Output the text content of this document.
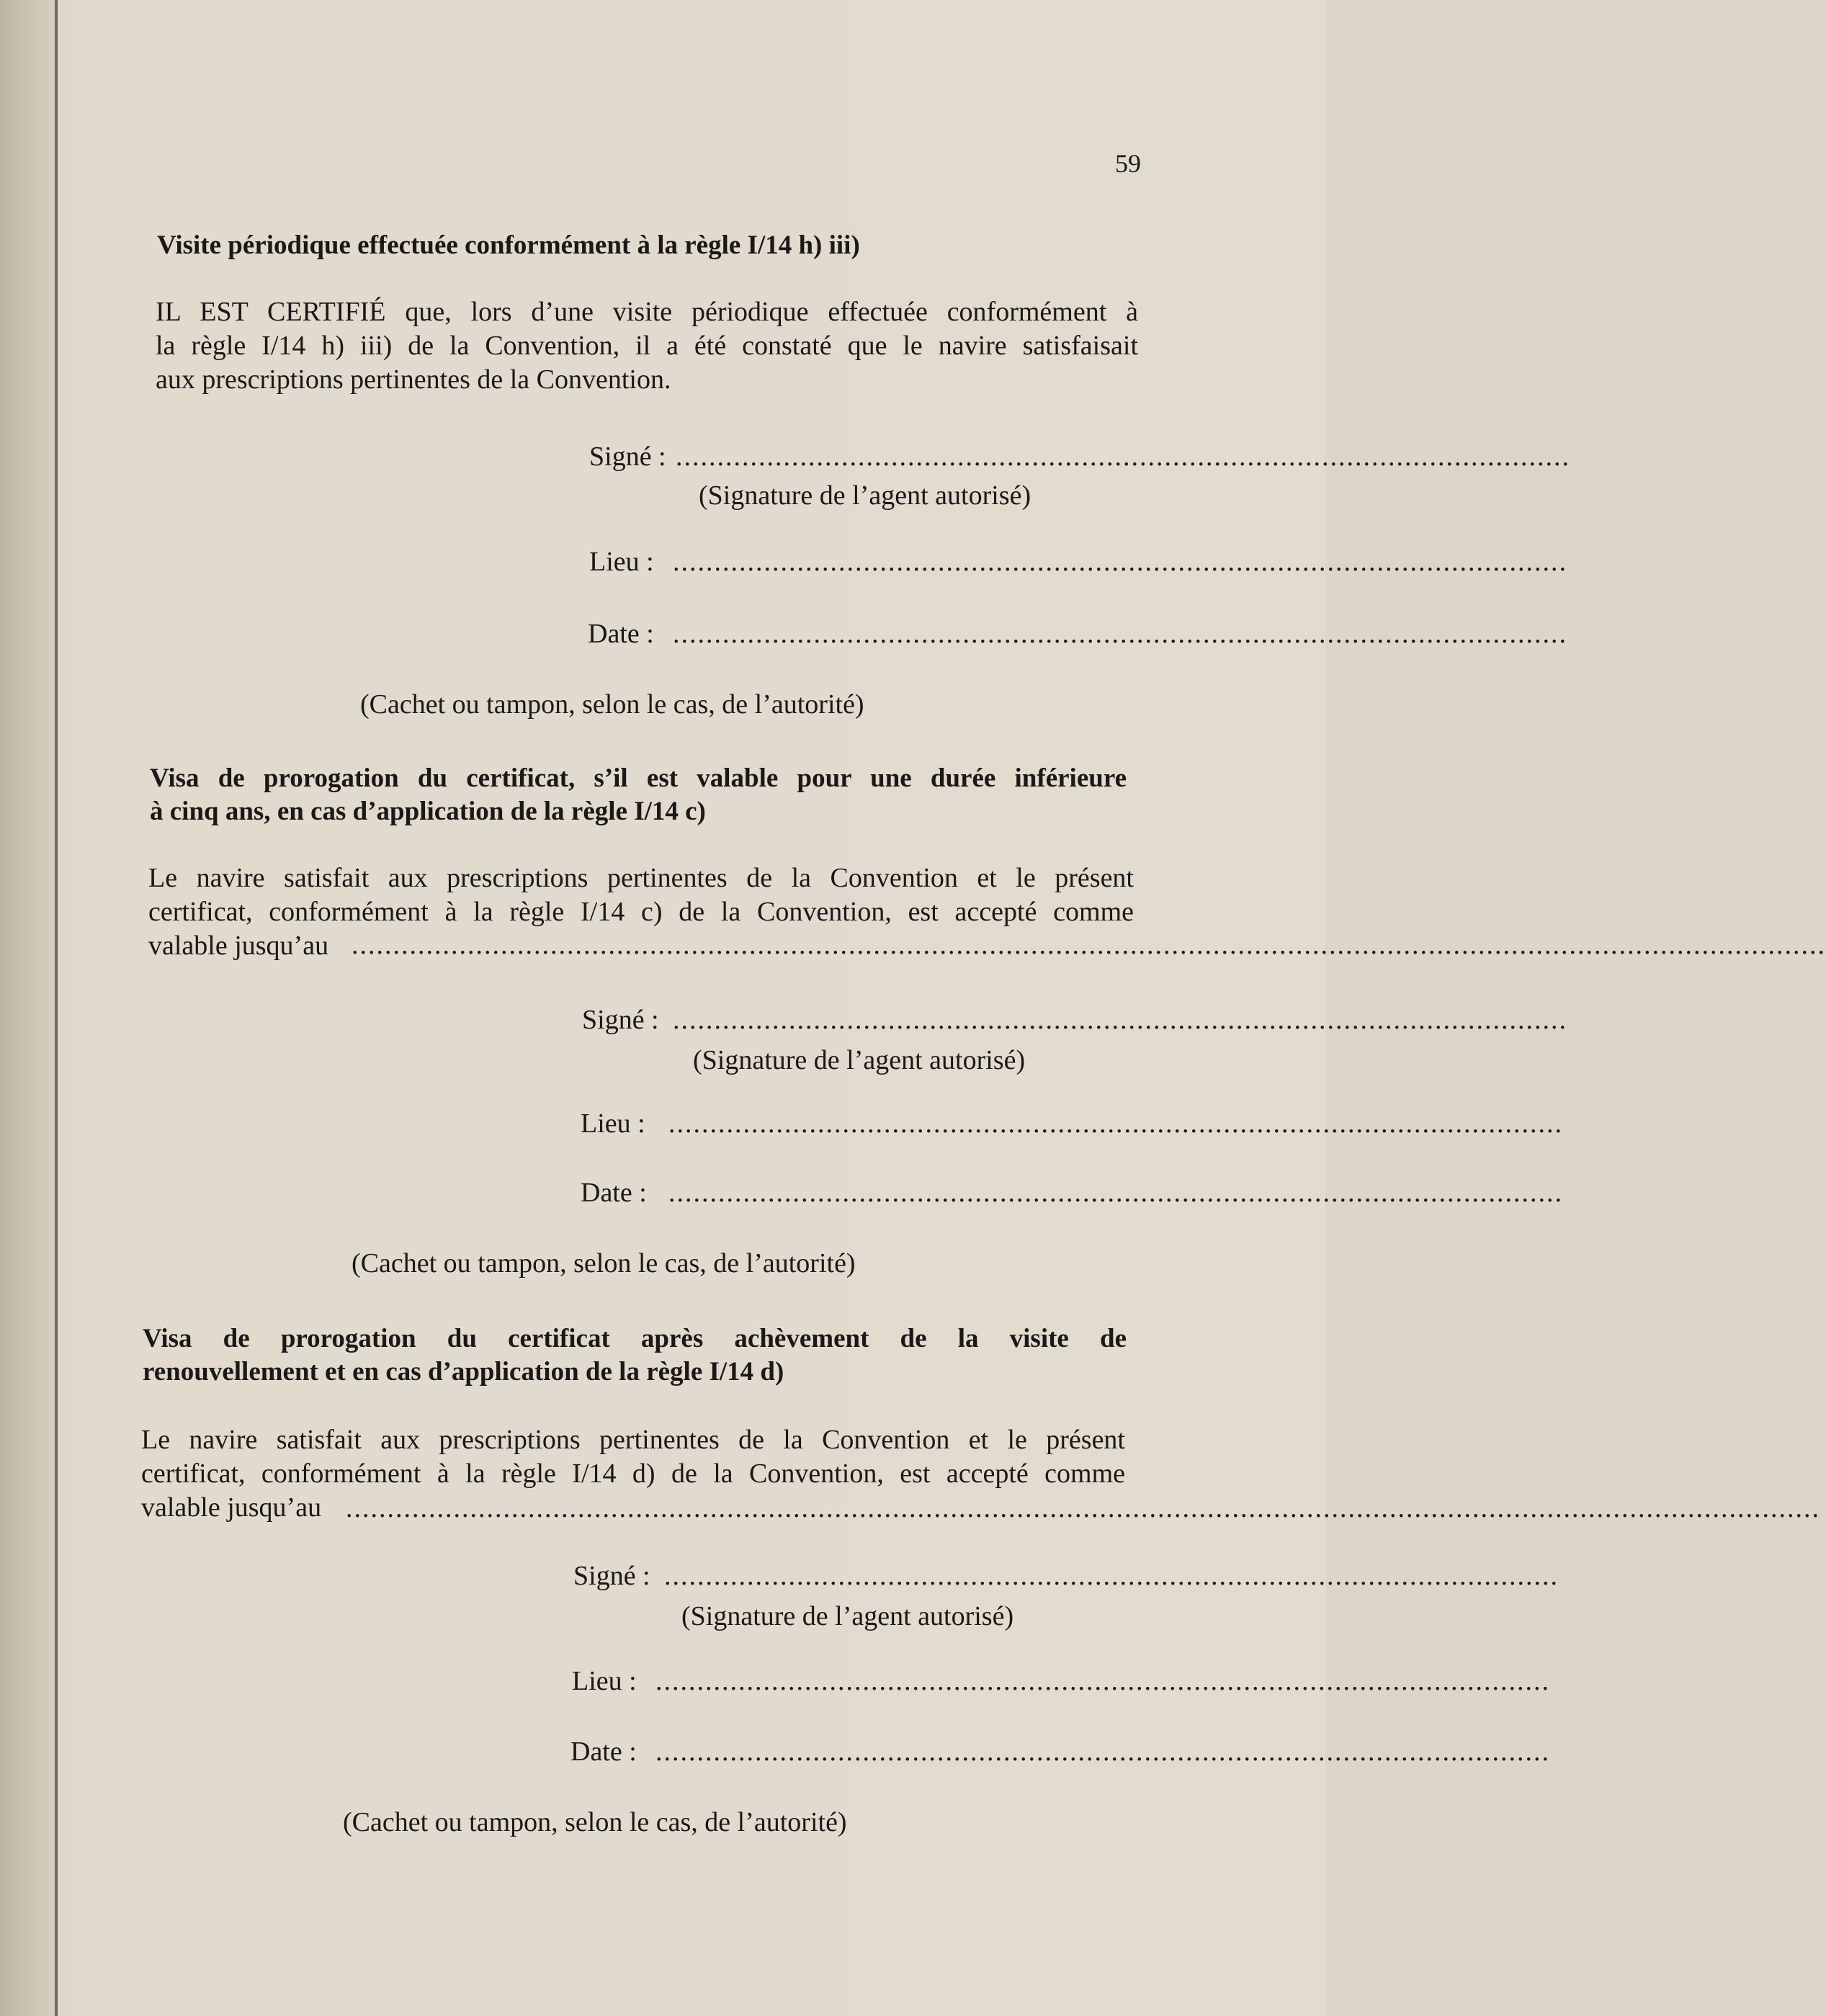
59
Visite périodique effectuée conformément à la règle I/14 h) iii)
IL EST CERTIFIÉ que, lors d’une visite périodique effectuée conformément à
la règle I/14 h) iii) de la Convention, il a été constaté que le navire satisfaisait
aux prescriptions pertinentes de la Convention.
Signé : ............................................................................................................
(Signature de l’agent autorisé)
Lieu : ............................................................................................................
Date : ............................................................................................................
(Cachet ou tampon, selon le cas, de l’autorité)
Visa de prorogation du certificat, s’il est valable pour une durée inférieure
à cinq ans, en cas d’application de la règle I/14 c)
Le navire satisfait aux prescriptions pertinentes de la Convention et le présent
certificat, conformément à la règle I/14 c) de la Convention, est accepté comme
valable jusqu’au ..................................................................................................................................................................................
Signé : ............................................................................................................
(Signature de l’agent autorisé)
Lieu : ............................................................................................................
Date : ............................................................................................................
(Cachet ou tampon, selon le cas, de l’autorité)
Visa de prorogation du certificat après achèvement de la visite de
renouvellement et en cas d’application de la règle I/14 d)
Le navire satisfait aux prescriptions pertinentes de la Convention et le présent
certificat, conformément à la règle I/14 d) de la Convention, est accepté comme
valable jusqu’au ..................................................................................................................................................................................
Signé : ............................................................................................................
(Signature de l’agent autorisé)
Lieu : ............................................................................................................
Date : ............................................................................................................
(Cachet ou tampon, selon le cas, de l’autorité)
